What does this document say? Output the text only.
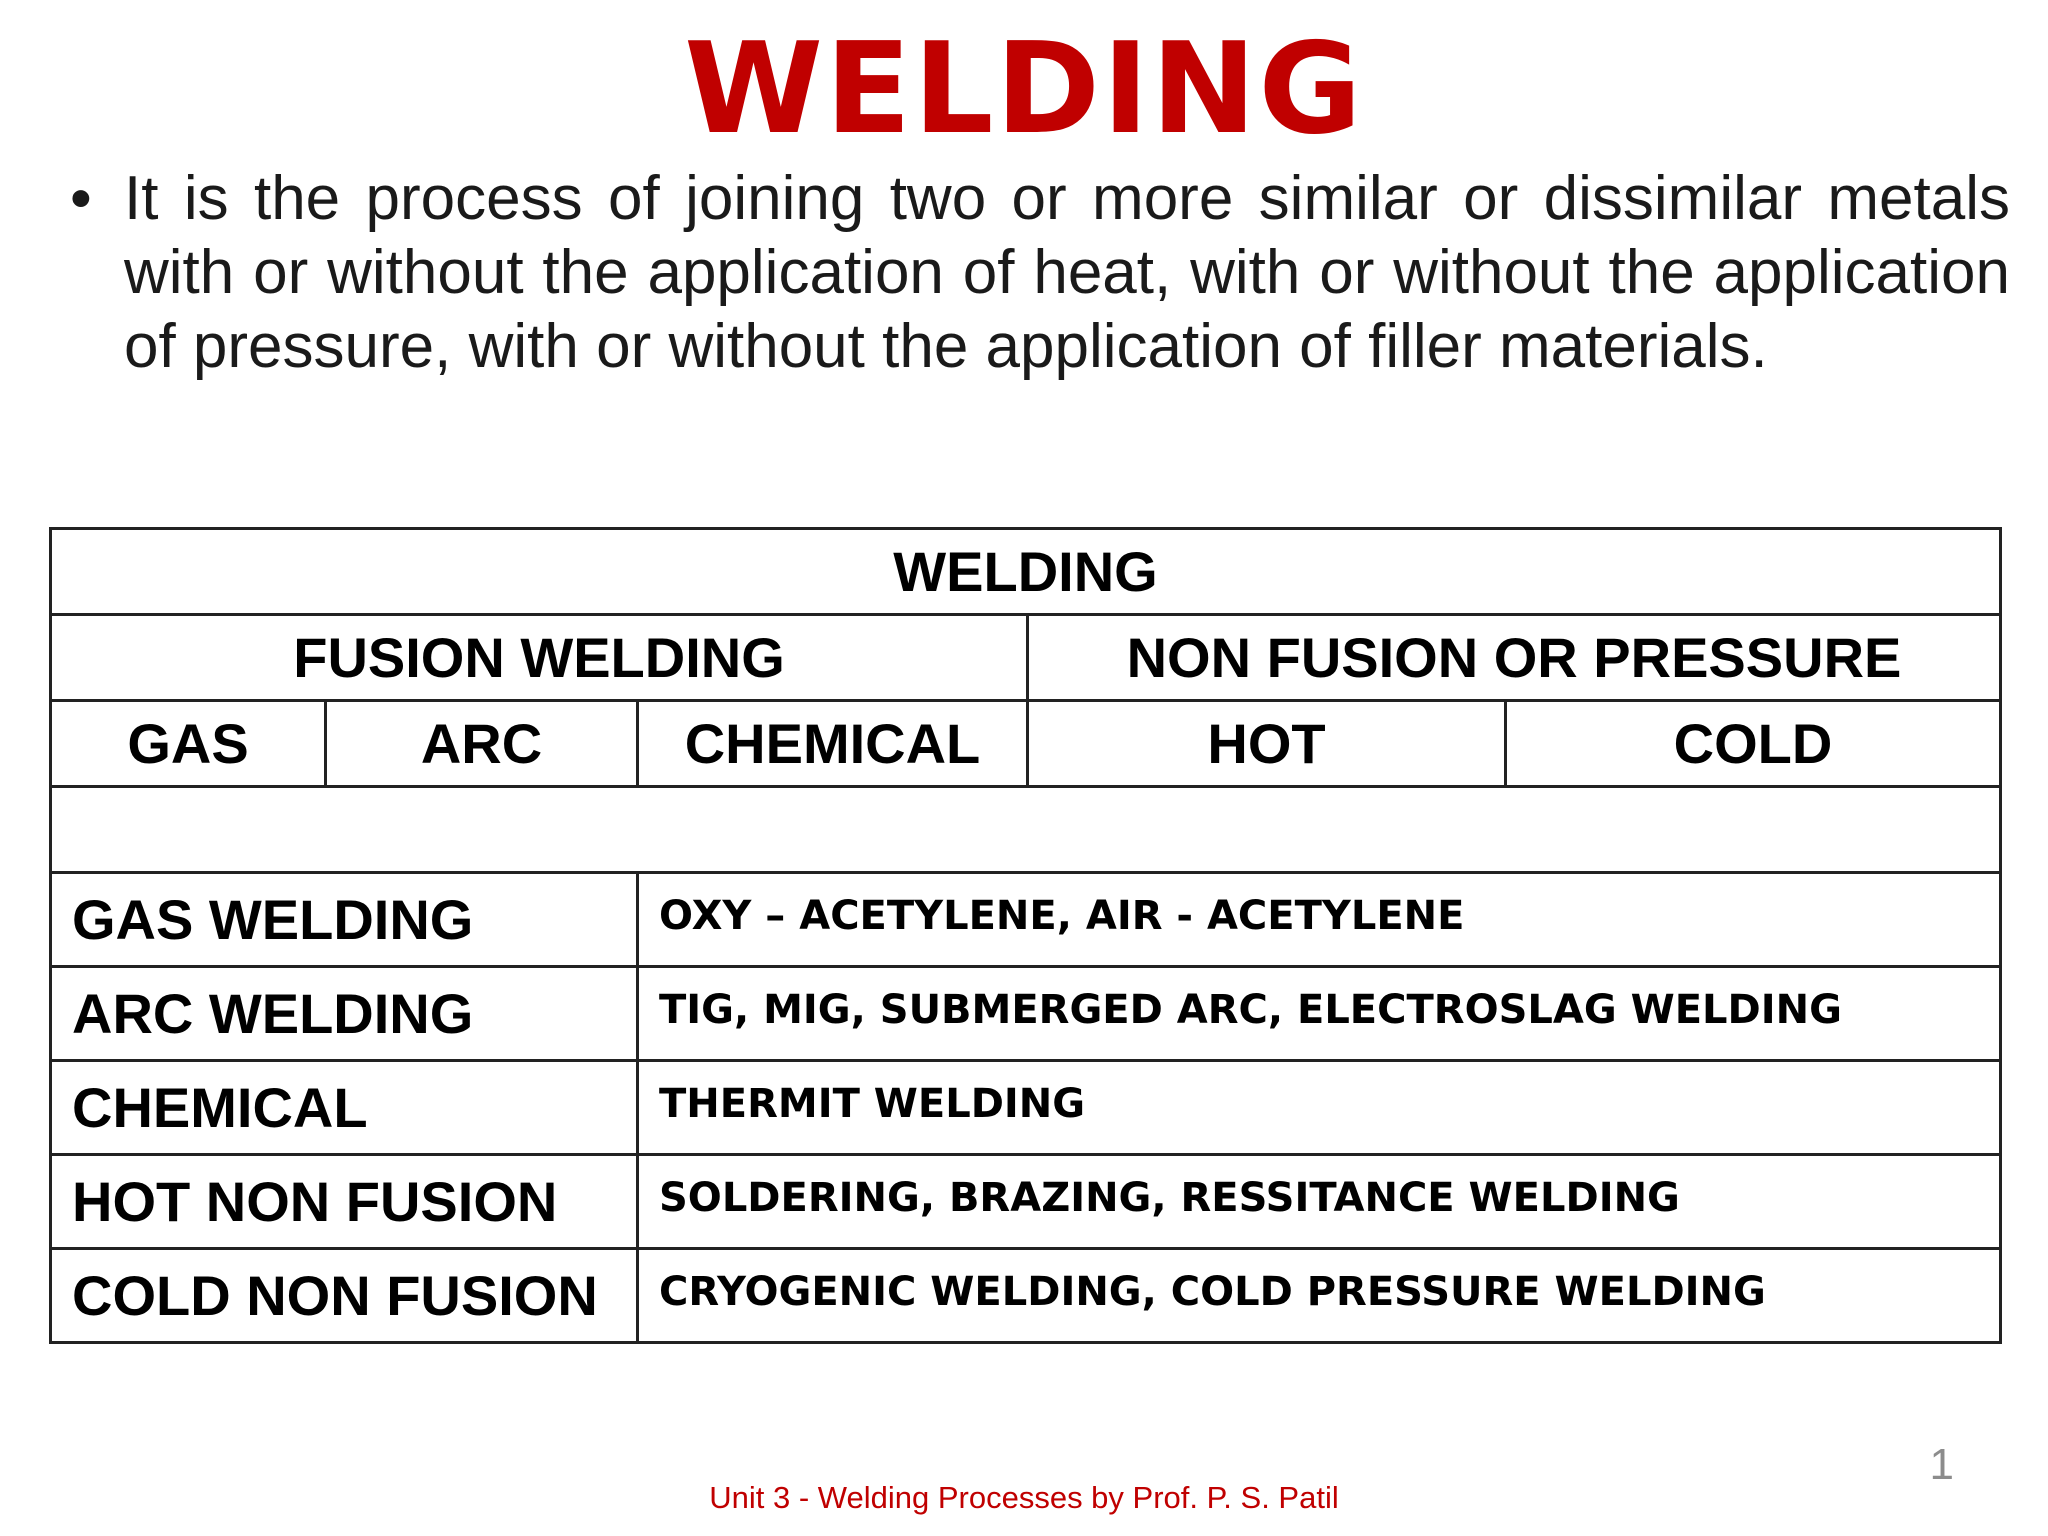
WELDING
• It is the process of joining two or more similar or dissimilar metals with or without the application of heat, with or without the application of pressure, with or without the application of filler materials.
WELDING				
FUSION WELDING			NON FUSION OR PRESSURE	
GAS	ARC	CHEMICAL	HOT	COLD

GAS WELDING		OXY – ACETYLENE, AIR - ACETYLENE		
ARC WELDING		TIG, MIG, SUBMERGED ARC, ELECTROSLAG WELDING		
CHEMICAL		THERMIT WELDING		
HOT NON FUSION		SOLDERING, BRAZING, RESSITANCE WELDING		
COLD NON FUSION		CRYOGENIC WELDING, COLD PRESSURE WELDING		
1
Unit 3 - Welding Processes by Prof. P. S. Patil
